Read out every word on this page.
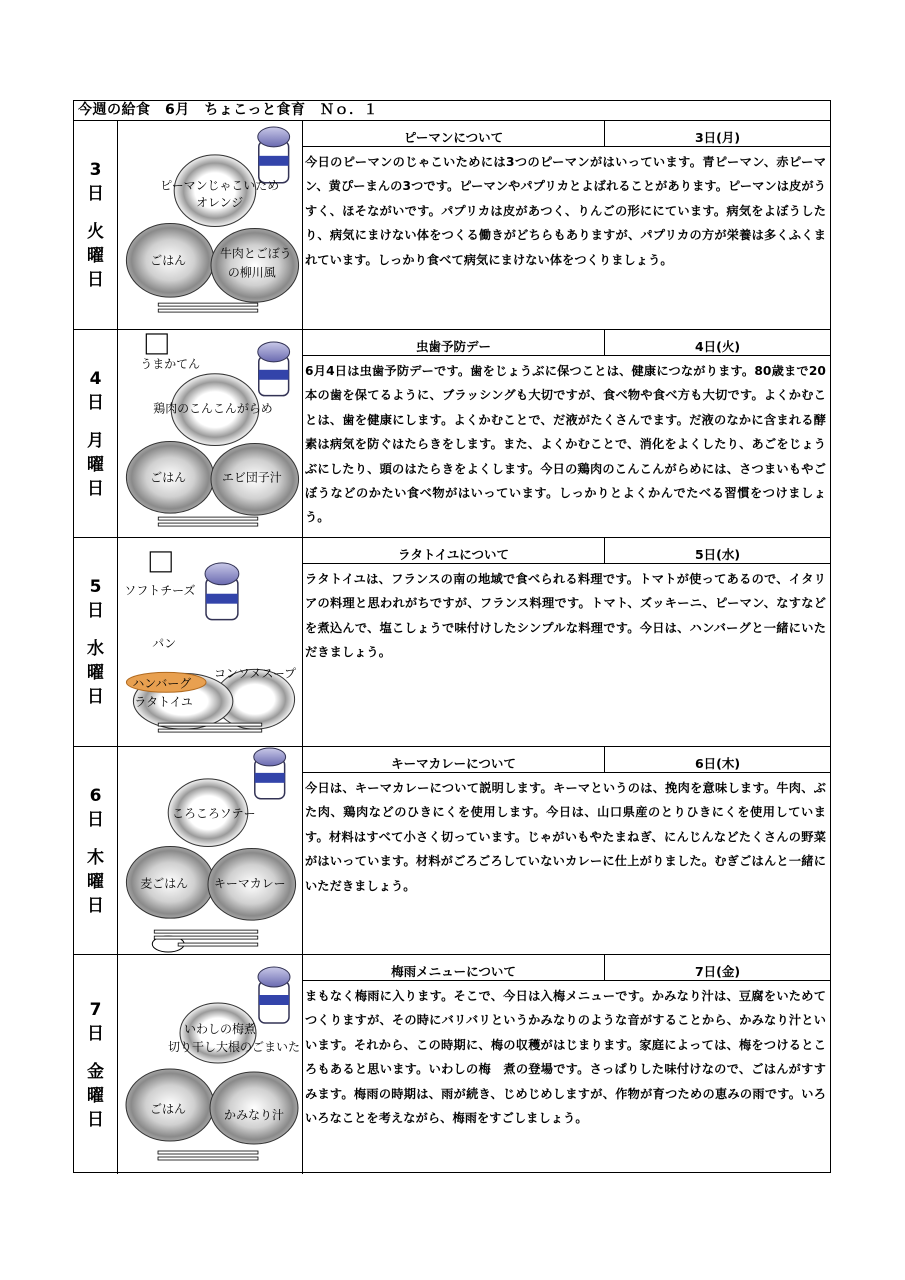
今週の給食　6月　ちょこっと食育　Ｎｏ．１
3
日
火
曜
日
ピーマンじゃこいため
オレンジ
ごはん	牛肉とごぼう
の柳川風
ピーマンについて	3日(月)
今日のピーマンのじゃこいためには3つのピーマンがはいっています。青ピーマン、赤ピーマン、黄ぴーまんの3つです。ピーマンやパプリカとよばれることがあります。ピーマンは皮がうすく、ほそながいです。パプリカは皮があつく、りんごの形ににています。病気をよぼうしたり、病気にまけない体をつくる働きがどちらもありますが、パプリカの方が栄養は多くふくまれています。しっかり食べて病気にまけない体をつくりましょう。
4
日
月
曜
日
うまかてん
鶏肉のこんこんがらめ
ごはん	エビ団子汁
虫歯予防デー	4日(火)
6月4日は虫歯予防デーです。歯をじょうぶに保つことは、健康につながります。80歳まで20本の歯を保てるように、ブラッシングも大切ですが、食べ物や食べ方も大切です。よくかむことは、歯を健康にします。よくかむことで、だ液がたくさんでます。だ液のなかに含まれる酵素は病気を防ぐはたらきをします。また、よくかむことで、消化をよくしたり、あごをじょうぶにしたり、頭のはたらきをよくします。今日の鶏肉のこんこんがらめには、さつまいもやごぼうなどのかたい食べ物がはいっています。しっかりとよくかんでたべる習慣をつけましょう。
5
日
水
曜
日
ソフトチーズ
パン
コンソメスープ
ハンバーグ
ラタトイユ
ラタトイユについて	5日(水)
ラタトイユは、フランスの南の地域で食べられる料理です。トマトが使ってあるので、イタリアの料理と思われがちですが、フランス料理です。トマト、ズッキーニ、ピーマン、なすなどを煮込んで、塩こしょうで味付けしたシンプルな料理です。今日は、ハンバーグと一緒にいただきましょう。
6
日
木
曜
日
ころころソテー
麦ごはん キーマカレー
キーマカレーについて	6日(木)
今日は、キーマカレーについて説明します。キーマというのは、挽肉を意味します。牛肉、ぶた肉、鶏肉などのひきにくを使用します。今日は、山口県産のとりひきにくを使用しています。材料はすべて小さく切っています。じゃがいもやたまねぎ、にんじんなどたくさんの野菜がはいっています。材料がごろごろしていないカレーに仕上がりました。むぎごはんと一緒にいただきましょう。
7
日
金
曜
日
いわしの梅煮
切り干し大根のごまいた
ごはん	かみなり汁
梅雨メニューについて	7日(金)
まもなく梅雨に入ります。そこで、今日は入梅メニューです。かみなり汁は、豆腐をいためてつくりますが、その時にバリバリというかみなりのような音がすることから、かみなり汁といいます。それから、この時期に、梅の収穫がはじまります。家庭によっては、梅をつけるところもあると思います。いわしの梅　煮の登場です。さっぱりした味付けなので、ごはんがすすみます。梅雨の時期は、雨が続き、じめじめしますが、作物が育つための恵みの雨です。いろいろなことを考えながら、梅雨をすごしましょう。
